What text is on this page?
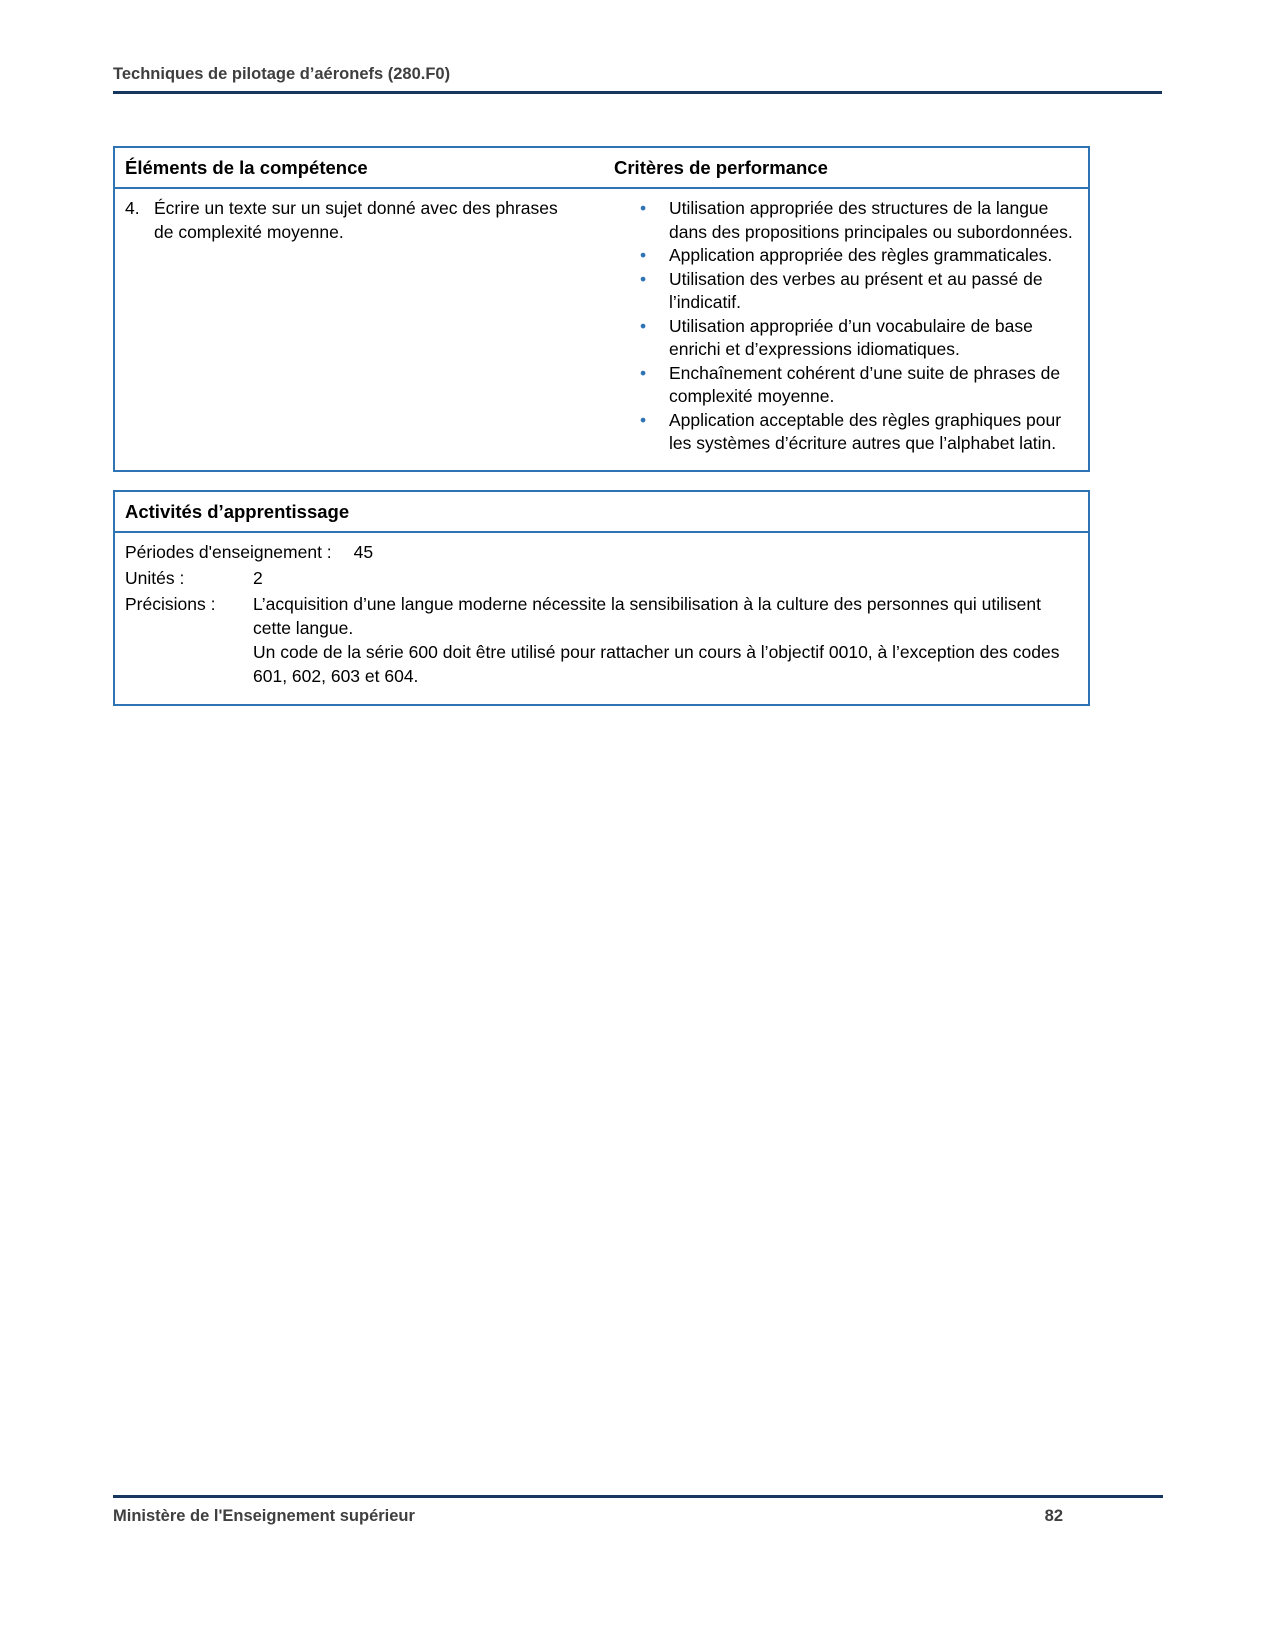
Techniques de pilotage d’aéronefs (280.F0)
Éléments de la compétence	Critères de performance
4. Écrire un texte sur un sujet donné avec des phrases de complexité moyenne.
•	Utilisation appropriée des structures de la langue dans des propositions principales ou subordonnées.
•	Application appropriée des règles grammaticales.
•	Utilisation des verbes au présent et au passé de l’indicatif.
•	Utilisation appropriée d’un vocabulaire de base enrichi et d’expressions idiomatiques.
•	Enchaînement cohérent d’une suite de phrases de complexité moyenne.
•	Application acceptable des règles graphiques pour les systèmes d’écriture autres que l’alphabet latin.
Activités d’apprentissage
Périodes d'enseignement : 45
Unités :	2
Précisions :	L’acquisition d’une langue moderne nécessite la sensibilisation à la culture des personnes qui utilisent cette langue.

Un code de la série 600 doit être utilisé pour rattacher un cours à l’objectif 0010, à l’exception des codes 601, 602, 603 et 604.

Ministère de l'Enseignement supérieur	82
